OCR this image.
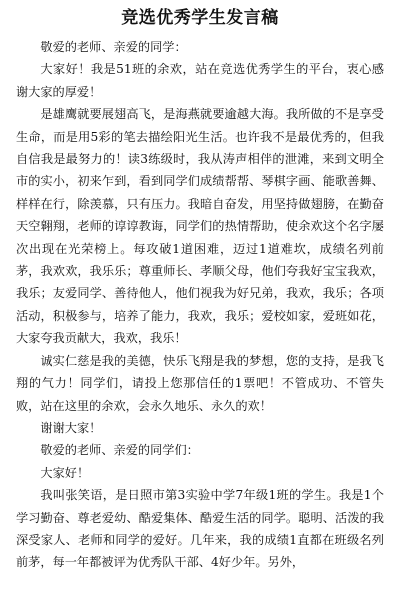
竞选优秀学生发言稿

敬爱的老师、亲爱的同学：

大家好！我是51班的余欢，站在竞选优秀学生的平台，衷心感谢大家的厚爱！

是雄鹰就要展翅高飞，是海燕就要逾越大海。我所做的不是享受生命，而是用5彩的笔去描绘阳光生活。也许我不是最优秀的，但我自信我是最努力的！读3练级时，我从涛声相伴的泄滩，来到文明全市的实小，初来乍到，看到同学们成绩帮帮、琴棋字画、能歌善舞、样样在行，除羡慕，只有压力。我暗自奋发，用坚持做翅膀，在勤奋天空翱翔，老师的谆谆教诲，同学们的热情帮助，使余欢这个名字屡次出现在光荣榜上。每攻破1道困难，迈过1道难坎，成绩名列前茅，我欢欢，我乐乐；尊重师长、孝顺父母，他们夸我好宝宝我欢，我乐；友爱同学、善待他人，他们视我为好兄弟，我欢，我乐；各项活动，积极参与，培养了能力，我欢，我乐；爱校如家，爱班如花，大家夸我贡献大，我欢，我乐！

诚实仁慈是我的美德，快乐飞翔是我的梦想，您的支持，是我飞翔的气力！同学们，请投上您那信任的1票吧！不管成功、不管失败，站在这里的余欢，会永久地乐、永久的欢！

谢谢大家！

敬爱的老师、亲爱的同学们：

大家好！

我叫张笑语，是日照市第3实验中学7年级1班的学生。我是1个学习勤奋、尊老爱幼、酷爱集体、酷爱生活的同学。聪明、活泼的我深受家人、老师和同学的爱好。几年来，我的成绩1直都在班级名列前茅，每一年都被评为优秀队干部、4好少年。另外，
